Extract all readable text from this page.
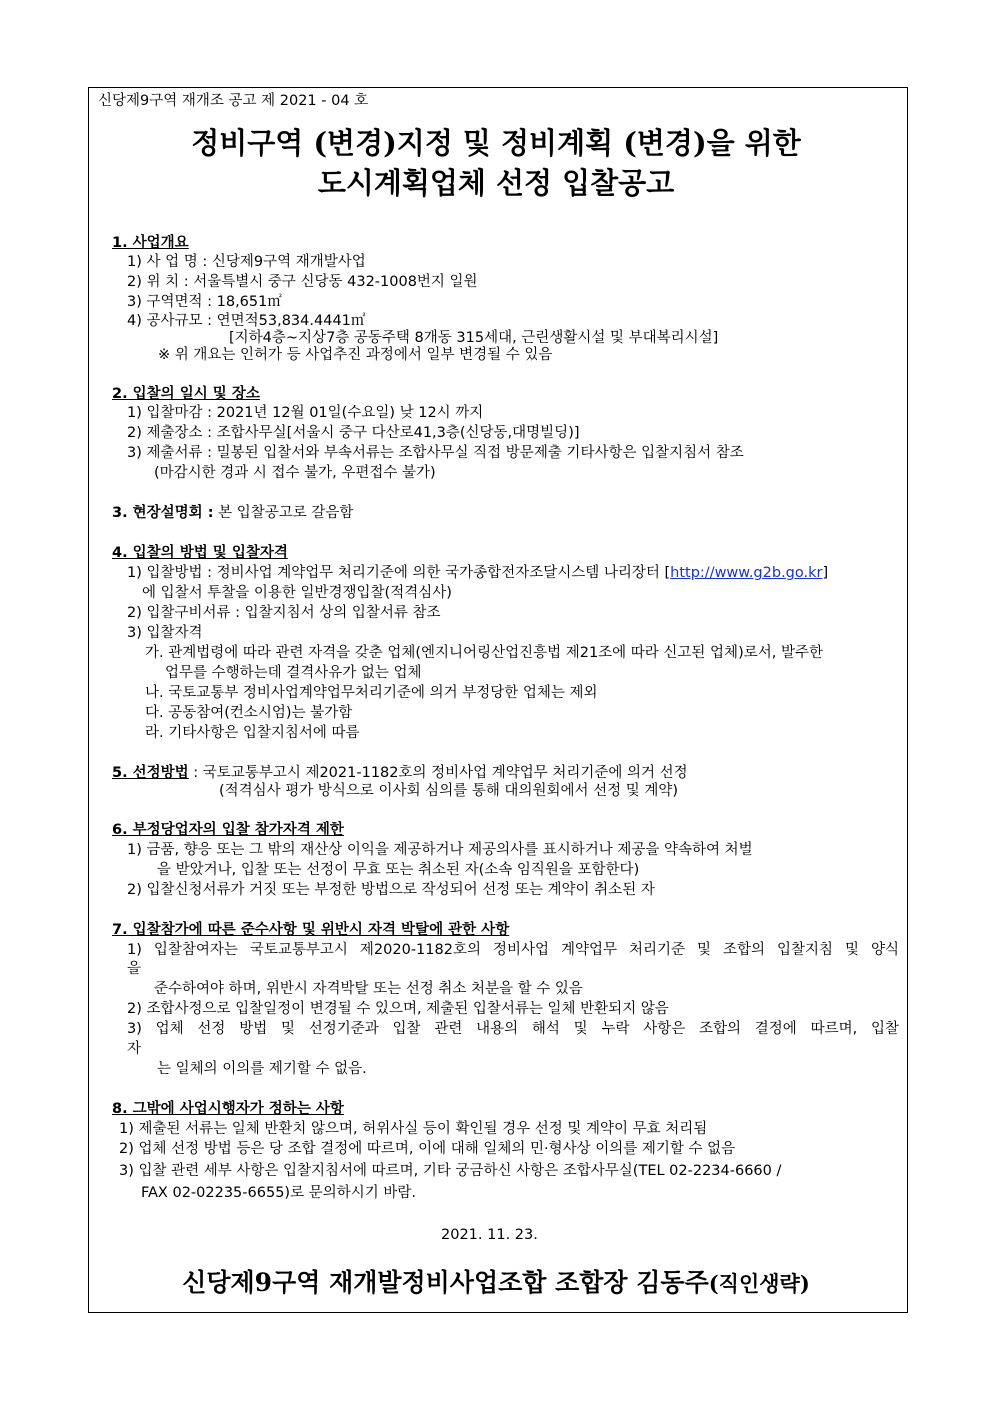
신당제9구역 재개조 공고 제 2021 - 04 호
정비구역 (변경)지정 및 정비계획 (변경)을 위한
도시계획업체 선정 입찰공고
1. 사업개요
1) 사 업 명 : 신당제9구역 재개발사업
2) 위 치 : 서울특별시 중구 신당동 432-1008번지 일원
3) 구역면적 : 18,651㎡
4) 공사규모 : 연면적53,834.4441㎡
[지하4층~지상7층 공동주택 8개동 315세대, 근린생활시설 및 부대복리시설]
※ 위 개요는 인허가 등 사업추진 과정에서 일부 변경될 수 있음
2. 입찰의 일시 및 장소
1) 입찰마감 : 2021년 12월 01일(수요일) 낮 12시 까지
2) 제출장소 : 조합사무실[서울시 중구 다산로41,3층(신당동,대명빌딩)]
3) 제출서류 : 밀봉된 입찰서와 부속서류는 조합사무실 직접 방문제출 기타사항은 입찰지침서 참조
(마감시한 경과 시 접수 불가, 우편접수 불가)
3. 현장설명회 : 본 입찰공고로 갈음함
4. 입찰의 방법 및 입찰자격
1) 입찰방법 : 정비사업 계약업무 처리기준에 의한 국가종합전자조달시스템 나리장터 [http://www.g2b.go.kr]
에 입찰서 투찰을 이용한 일반경쟁입찰(적격심사)
2) 입찰구비서류 : 입찰지침서 상의 입찰서류 참조
3) 입찰자격
가. 관계법령에 따라 관련 자격을 갖춘 업체(엔지니어링산업진흥법 제21조에 따라 신고된 업체)로서, 발주한
업무를 수행하는데 결격사유가 없는 업체
나. 국토교통부 정비사업계약업무처리기준에 의거 부정당한 업체는 제외
다. 공동참여(컨소시엄)는 불가함
라. 기타사항은 입찰지침서에 따름
5. 선정방법 : 국토교통부고시 제2021-1182호의 정비사업 계약업무 처리기준에 의거 선정
(적격심사 평가 방식으로 이사회 심의를 통해 대의원회에서 선정 및 계약)
6. 부정당업자의 입찰 참가자격 제한
1) 금품, 향응 또는 그 밖의 재산상 이익을 제공하거나 제공의사를 표시하거나 제공을 약속하여 처벌
을 받았거나, 입찰 또는 선정이 무효 또는 취소된 자(소속 임직원을 포함한다)
2) 입찰신청서류가 거짓 또는 부정한 방법으로 작성되어 선정 또는 계약이 취소된 자
7. 입찰참가에 따른 준수사항 및 위반시 자격 박탈에 관한 사항
1) 입찰참여자는 국토교통부고시 제2020-1182호의 정비사업 계약업무 처리기준 및 조합의 입찰지침 및 양식
을
준수하여야 하며, 위반시 자격박탈 또는 선정 취소 처분을 할 수 있음
2) 조합사정으로 입찰일정이 변경될 수 있으며, 제출된 입찰서류는 일체 반환되지 않음
3) 업체 선정 방법 및 선정기준과 입찰 관련 내용의 해석 및 누락 사항은 조합의 결정에 따르며, 입찰
자
는 일체의 이의를 제기할 수 없음.
8. 그밖에 사업시행자가 정하는 사항
1) 제출된 서류는 일체 반환치 않으며, 허위사실 등이 확인될 경우 선정 및 계약이 무효 처리됨
2) 업체 선정 방법 등은 당 조합 결정에 따르며, 이에 대해 일체의 민·형사상 이의를 제기할 수 없음
3) 입찰 관련 세부 사항은 입찰지침서에 따르며, 기타 궁금하신 사항은 조합사무실(TEL 02-2234-6660 /
FAX 02-02235-6655)로 문의하시기 바람.
2021. 11. 23.
신당제9구역 재개발정비사업조합 조합장 김동주(직인생략)
